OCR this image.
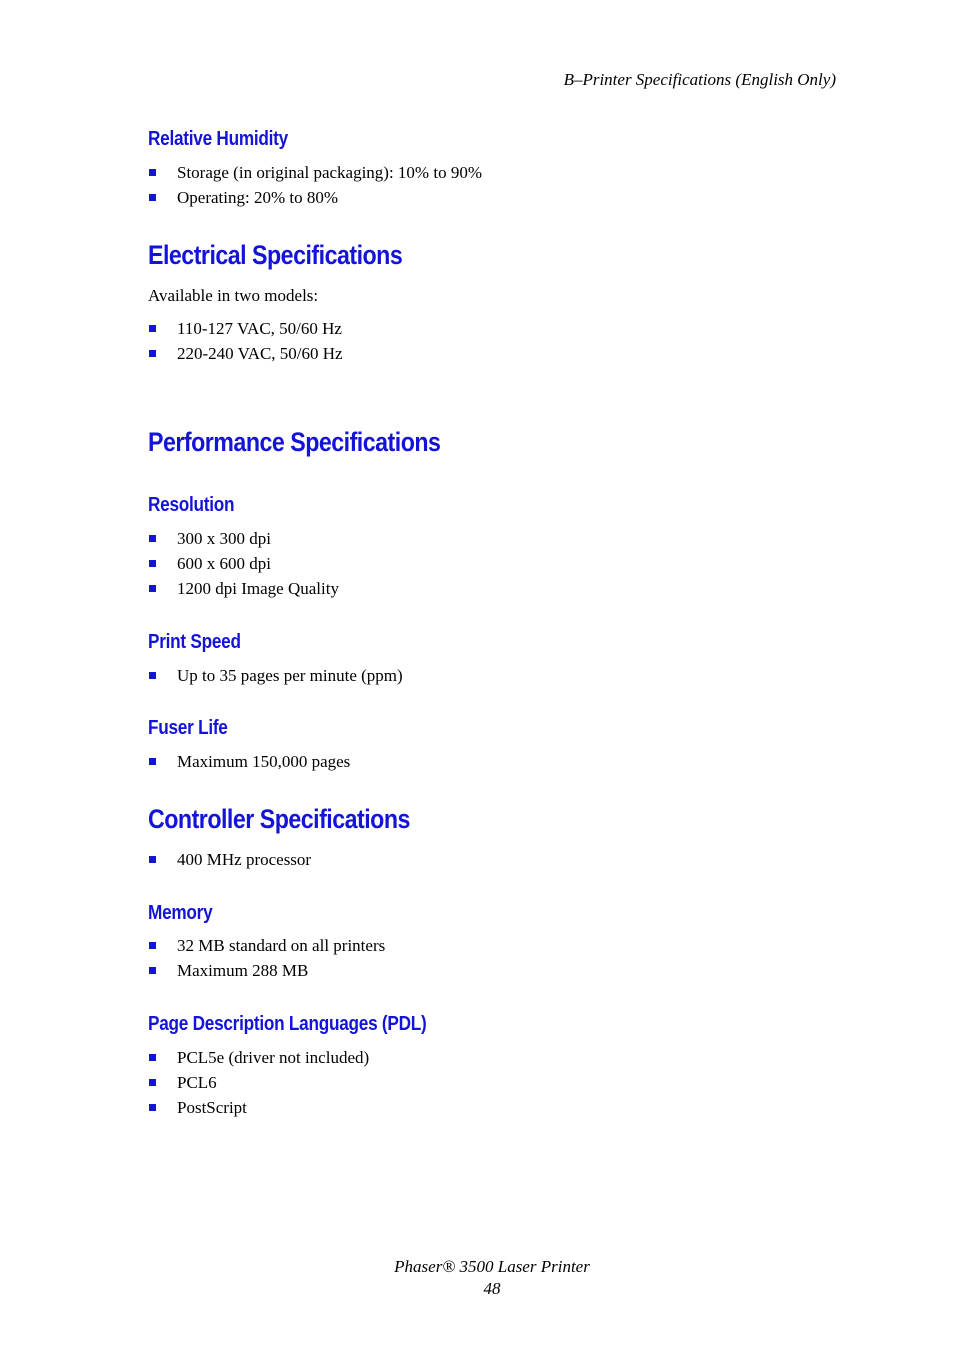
B–Printer Specifications (English Only)
Relative Humidity
Storage (in original packaging): 10% to 90%
Operating: 20% to 80%
Electrical Specifications
Available in two models:
110-127 VAC, 50/60 Hz
220-240 VAC, 50/60 Hz
Performance Specifications
Resolution
300 x 300 dpi
600 x 600 dpi
1200 dpi Image Quality
Print Speed
Up to 35 pages per minute (ppm)
Fuser Life
Maximum 150,000 pages
Controller Specifications
400 MHz processor
Memory
32 MB standard on all printers
Maximum 288 MB
Page Description Languages (PDL)
PCL5e (driver not included)
PCL6
PostScript
Phaser® 3500 Laser Printer
48
